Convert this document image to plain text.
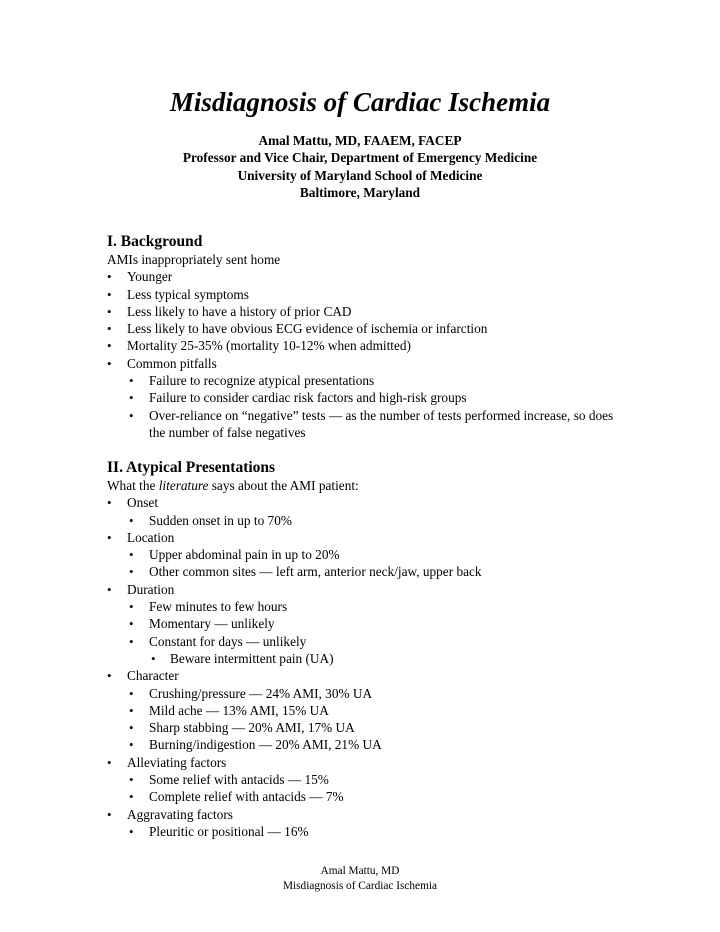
Misdiagnosis of Cardiac Ischemia
Amal Mattu, MD, FAAEM, FACEP
Professor and Vice Chair, Department of Emergency Medicine
University of Maryland School of Medicine
Baltimore, Maryland
I. Background
AMIs inappropriately sent home
• Younger
• Less typical symptoms
• Less likely to have a history of prior CAD
• Less likely to have obvious ECG evidence of ischemia or infarction
• Mortality 25-35% (mortality 10-12% when admitted)
• Common pitfalls
• Failure to recognize atypical presentations
• Failure to consider cardiac risk factors and high-risk groups
• Over-reliance on “negative” tests — as the number of tests performed increase, so does the number of false negatives
II. Atypical Presentations
What the literature says about the AMI patient:
• Onset
• Sudden onset in up to 70%
• Location
• Upper abdominal pain in up to 20%
• Other common sites — left arm, anterior neck/jaw, upper back
• Duration
• Few minutes to few hours
• Momentary — unlikely
• Constant for days — unlikely
• Beware intermittent pain (UA)
• Character
• Crushing/pressure — 24% AMI, 30% UA
• Mild ache — 13% AMI, 15% UA
• Sharp stabbing — 20% AMI, 17% UA
• Burning/indigestion — 20% AMI, 21% UA
• Alleviating factors
• Some relief with antacids — 15%
• Complete relief with antacids — 7%
• Aggravating factors
• Pleuritic or positional — 16%
Amal Mattu, MD
Misdiagnosis of Cardiac Ischemia
